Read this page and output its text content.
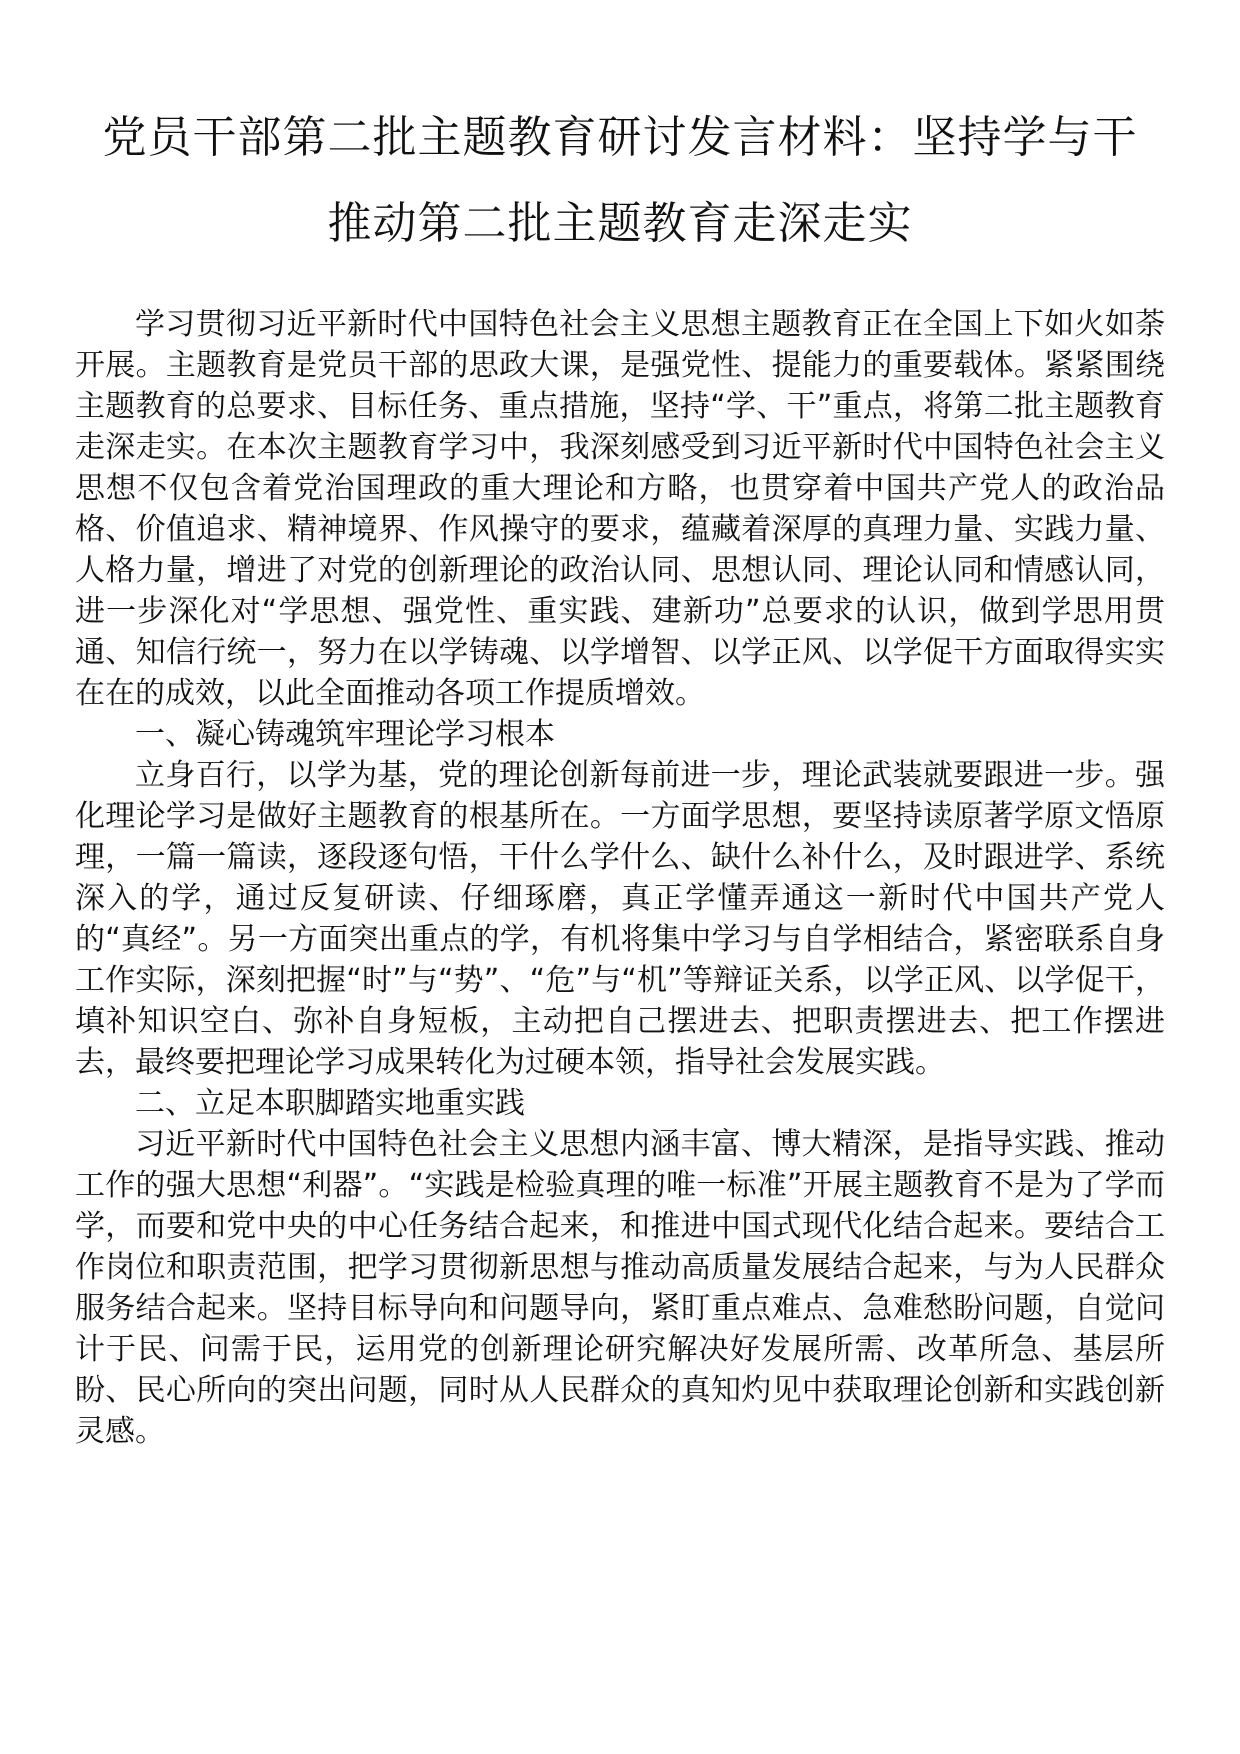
党员干部第二批主题教育研讨发言材料：坚持学与干

推动第二批主题教育走深走实

学习贯彻习近平新时代中国特色社会主义思想主题教育正在全国上下如火如荼开展。主题教育是党员干部的思政大课，是强党性、提能力的重要载体。紧紧围绕主题教育的总要求、目标任务、重点措施，坚持“学、干”重点，将第二批主题教育走深走实。在本次主题教育学习中，我深刻感受到习近平新时代中国特色社会主义思想不仅包含着党治国理政的重大理论和方略，也贯穿着中国共产党人的政治品格、价值追求、精神境界、作风操守的要求，蕴藏着深厚的真理力量、实践力量、人格力量，增进了对党的创新理论的政治认同、思想认同、理论认同和情感认同，进一步深化对“学思想、强党性、重实践、建新功”总要求的认识，做到学思用贯通、知信行统一，努力在以学铸魂、以学增智、以学正风、以学促干方面取得实实在在的成效，以此全面推动各项工作提质增效。

一、凝心铸魂筑牢理论学习根本

立身百行，以学为基，党的理论创新每前进一步，理论武装就要跟进一步。强化理论学习是做好主题教育的根基所在。一方面学思想，要坚持读原著学原文悟原理，一篇一篇读，逐段逐句悟，干什么学什么、缺什么补什么，及时跟进学、系统深入的学，通过反复研读、仔细琢磨，真正学懂弄通这一新时代中国共产党人的“真经”。另一方面突出重点的学，有机将集中学习与自学相结合，紧密联系自身工作实际，深刻把握“时”与“势”、“危”与“机”等辩证关系，以学正风、以学促干，填补知识空白、弥补自身短板，主动把自己摆进去、把职责摆进去、把工作摆进去，最终要把理论学习成果转化为过硬本领，指导社会发展实践。

二、立足本职脚踏实地重实践

习近平新时代中国特色社会主义思想内涵丰富、博大精深，是指导实践、推动工作的强大思想“利器”。“实践是检验真理的唯一标准”开展主题教育不是为了学而学，而要和党中央的中心任务结合起来，和推进中国式现代化结合起来。要结合工作岗位和职责范围，把学习贯彻新思想与推动高质量发展结合起来，与为人民群众服务结合起来。坚持目标导向和问题导向，紧盯重点难点、急难愁盼问题，自觉问计于民、问需于民，运用党的创新理论研究解决好发展所需、改革所急、基层所盼、民心所向的突出问题，同时从人民群众的真知灼见中获取理论创新和实践创新灵感。
